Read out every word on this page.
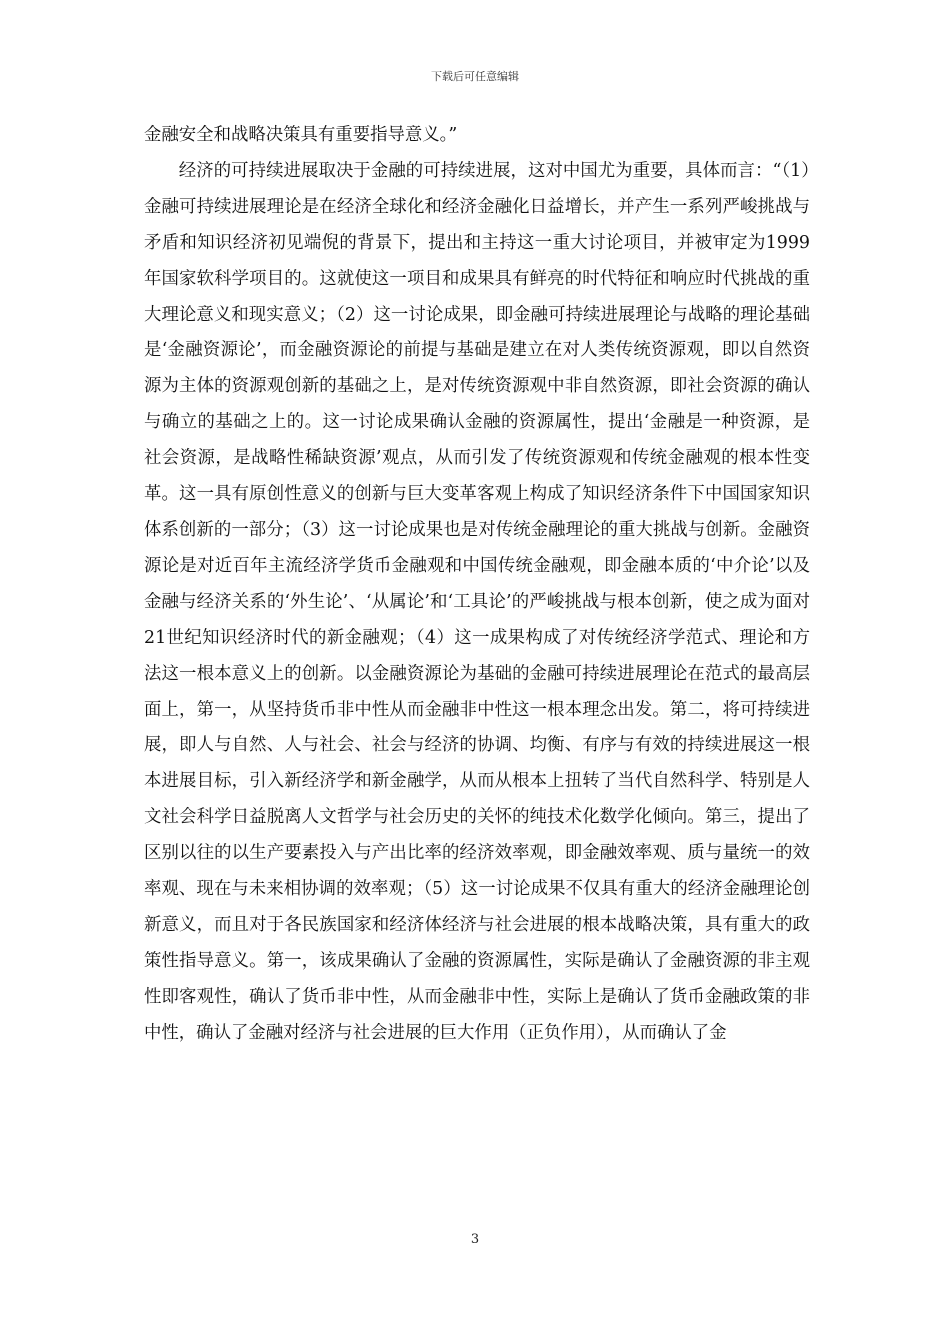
下载后可任意编辑

金融安全和战略决策具有重要指导意义。”

经济的可持续进展取决于金融的可持续进展，这对中国尤为重要，具体而言：“（1）金融可持续进展理论是在经济全球化和经济金融化日益增长，并产生一系列严峻挑战与矛盾和知识经济初见端倪的背景下，提出和主持这一重大讨论项目，并被审定为1999年国家软科学项目的。这就使这一项目和成果具有鲜亮的时代特征和响应时代挑战的重大理论意义和现实意义；（2）这一讨论成果，即金融可持续进展理论与战略的理论基础是‘金融资源论’，而金融资源论的前提与基础是建立在对人类传统资源观，即以自然资源为主体的资源观创新的基础之上，是对传统资源观中非自然资源，即社会资源的确认与确立的基础之上的。这一讨论成果确认金融的资源属性，提出‘金融是一种资源，是社会资源，是战略性稀缺资源’观点，从而引发了传统资源观和传统金融观的根本性变革。这一具有原创性意义的创新与巨大变革客观上构成了知识经济条件下中国国家知识体系创新的一部分；（3）这一讨论成果也是对传统金融理论的重大挑战与创新。金融资源论是对近百年主流经济学货币金融观和中国传统金融观，即金融本质的‘中介论’以及金融与经济关系的‘外生论’、‘从属论’和‘工具论’的严峻挑战与根本创新，使之成为面对21世纪知识经济时代的新金融观；（4）这一成果构成了对传统经济学范式、理论和方法这一根本意义上的创新。以金融资源论为基础的金融可持续进展理论在范式的最高层面上，第一，从坚持货币非中性从而金融非中性这一根本理念出发。第二，将可持续进展，即人与自然、人与社会、社会与经济的协调、均衡、有序与有效的持续进展这一根本进展目标，引入新经济学和新金融学，从而从根本上扭转了当代自然科学、特别是人文社会科学日益脱离人文哲学与社会历史的关怀的纯技术化数学化倾向。第三，提出了区别以往的以生产要素投入与产出比率的经济效率观，即金融效率观、质与量统一的效率观、现在与未来相协调的效率观；（5）这一讨论成果不仅具有重大的经济金融理论创新意义，而且对于各民族国家和经济体经济与社会进展的根本战略决策，具有重大的政策性指导意义。第一，该成果确认了金融的资源属性，实际是确认了金融资源的非主观性即客观性，确认了货币非中性，从而金融非中性，实际上是确认了货币金融政策的非中性，确认了金融对经济与社会进展的巨大作用（正负作用），从而确认了金

3
